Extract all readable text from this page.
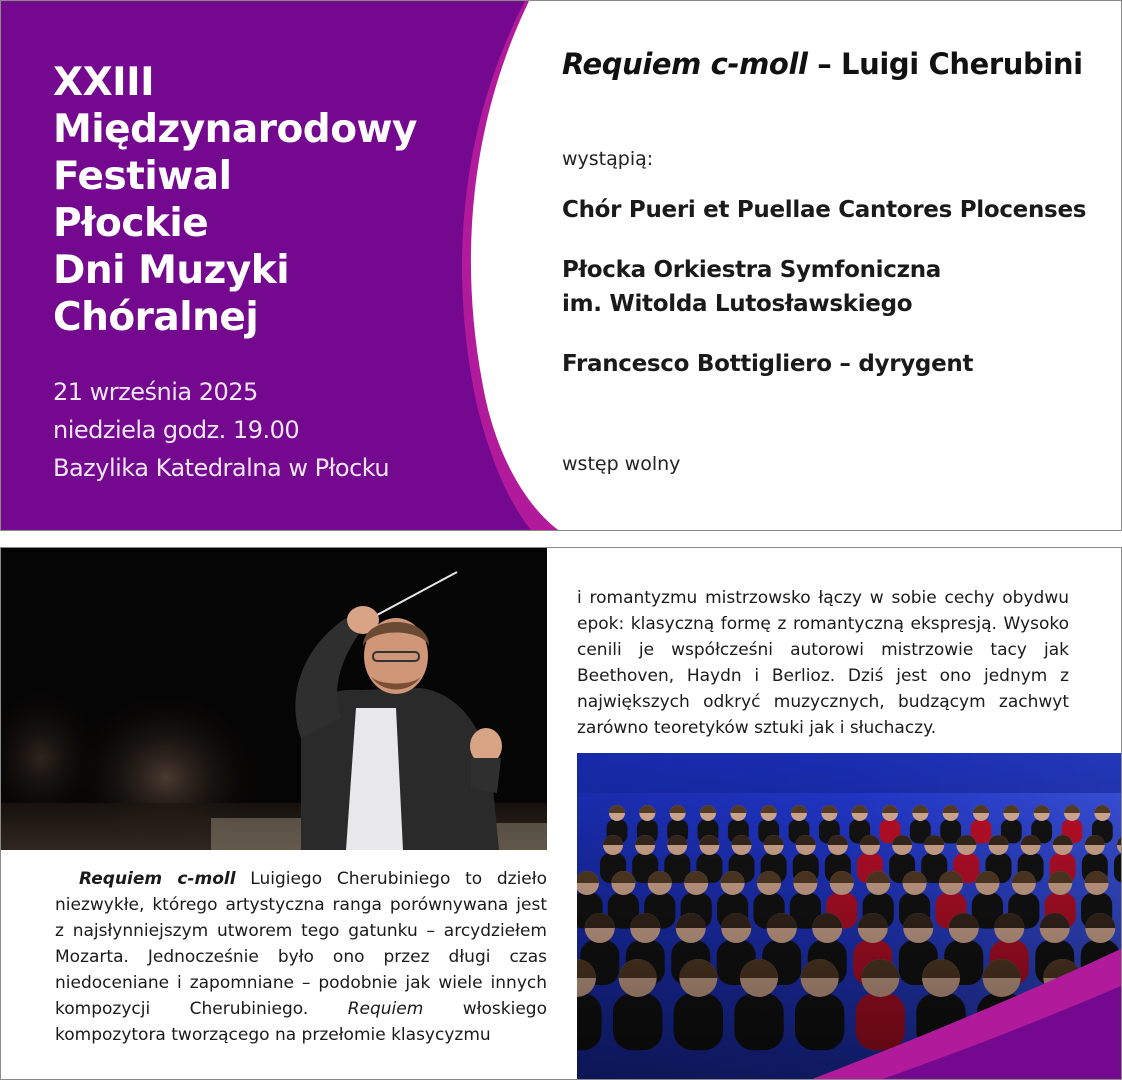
XXIII
Międzynarodowy
Festiwal
Płockie
Dni Muzyki
Chóralnej
21 września 2025
niedziela godz. 19.00
Bazylika Katedralna w Płocku
Requiem c-moll – Luigi Cherubini
wystąpią:
Chór Pueri et Puellae Cantores Plocenses
Płocka Orkiestra Symfoniczna
im. Witolda Lutosławskiego
Francesco Bottigliero – dyrygent
wstęp wolny

Requiem c-moll Luigiego Cherubiniego to dzieło niezwykłe, którego artystyczna ranga porównywana jest z najsłynniejszym utworem tego gatunku – arcydziełem Mozarta. Jednocześnie było ono przez długi czas niedoceniane i zapomniane – podobnie jak wiele innych kompozycji Cherubiniego. Requiem włoskiego kompozytora tworzącego na przełomie klasycyzmu

i romantyzmu mistrzowsko łączy w sobie cechy obydwu epok: klasyczną formę z romantyczną ekspresją. Wysoko cenili je współcześni autorowi mistrzowie tacy jak Beethoven, Haydn i Berlioz. Dziś jest ono jednym z największych odkryć muzycznych, budzącym zachwyt zarówno teoretyków sztuki jak i słuchaczy.
